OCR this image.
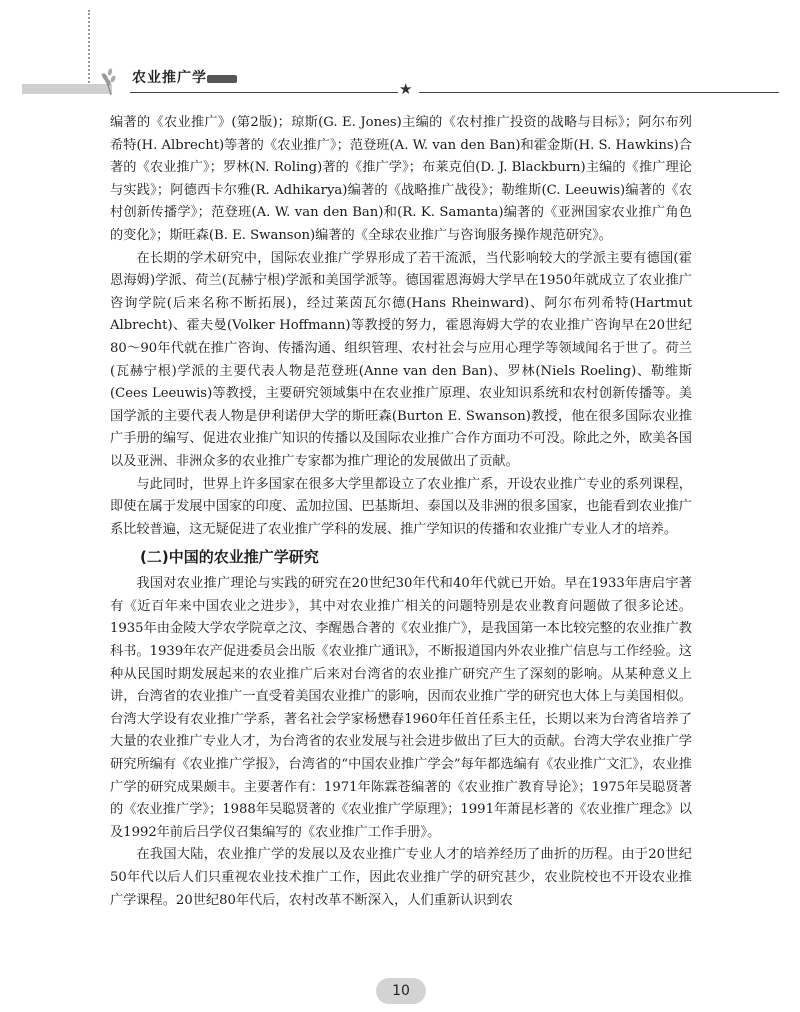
农业推广学
★

编著的《农业推广》(第2版)；琼斯(G. E. Jones)主编的《农村推广投资的战略与目标》；阿尔布列希特(H. Albrecht)等著的《农业推广》；范登班(A. W. van den Ban)和霍金斯(H. S. Hawkins)合著的《农业推广》；罗林(N. Roling)著的《推广学》；布莱克伯(D. J. Blackburn)主编的《推广理论与实践》；阿德西卡尔雅(R. Adhikarya)编著的《战略推广战役》；勒维斯(C. Leeuwis)编著的《农村创新传播学》；范登班(A. W. van den Ban)和(R. K. Samanta)编著的《亚洲国家农业推广角色的变化》；斯旺森(B. E. Swanson)编著的《全球农业推广与咨询服务操作规范研究》。

在长期的学术研究中，国际农业推广学界形成了若干流派，当代影响较大的学派主要有德国(霍恩海姆)学派、荷兰(瓦赫宁根)学派和美国学派等。德国霍恩海姆大学早在1950年就成立了农业推广咨询学院(后来名称不断拓展)，经过莱茵瓦尔德(Hans Rheinward)、阿尔布列希特(Hartmut Albrecht)、霍夫曼(Volker Hoffmann)等教授的努力，霍恩海姆大学的农业推广咨询早在20世纪80～90年代就在推广咨询、传播沟通、组织管理、农村社会与应用心理学等领域闻名于世了。荷兰(瓦赫宁根)学派的主要代表人物是范登班(Anne van den Ban)、罗林(Niels Roeling)、勒维斯(Cees Leeuwis)等教授，主要研究领域集中在农业推广原理、农业知识系统和农村创新传播等。美国学派的主要代表人物是伊利诺伊大学的斯旺森(Burton E. Swanson)教授，他在很多国际农业推广手册的编写、促进农业推广知识的传播以及国际农业推广合作方面功不可没。除此之外，欧美各国以及亚洲、非洲众多的农业推广专家都为推广理论的发展做出了贡献。

与此同时，世界上许多国家在很多大学里都设立了农业推广系，开设农业推广专业的系列课程，即使在属于发展中国家的印度、孟加拉国、巴基斯坦、泰国以及非洲的很多国家，也能看到农业推广系比较普遍，这无疑促进了农业推广学科的发展、推广学知识的传播和农业推广专业人才的培养。

(二)中国的农业推广学研究

我国对农业推广理论与实践的研究在20世纪30年代和40年代就已开始。早在1933年唐启宇著有《近百年来中国农业之进步》，其中对农业推广相关的问题特别是农业教育问题做了很多论述。1935年由金陵大学农学院章之汶、李醒愚合著的《农业推广》，是我国第一本比较完整的农业推广教科书。1939年农产促进委员会出版《农业推广通讯》，不断报道国内外农业推广信息与工作经验。这种从民国时期发展起来的农业推广后来对台湾省的农业推广研究产生了深刻的影响。从某种意义上讲，台湾省的农业推广一直受着美国农业推广的影响，因而农业推广学的研究也大体上与美国相似。台湾大学设有农业推广学系，著名社会学家杨懋春1960年任首任系主任，长期以来为台湾省培养了大量的农业推广专业人才，为台湾省的农业发展与社会进步做出了巨大的贡献。台湾大学农业推广学研究所编有《农业推广学报》，台湾省的“中国农业推广学会”每年都选编有《农业推广文汇》，农业推广学的研究成果颇丰。主要著作有：1971年陈霖苍编著的《农业推广教育导论》；1975年吴聪贤著的《农业推广学》；1988年吴聪贤著的《农业推广学原理》；1991年萧昆杉著的《农业推广理念》以及1992年前后吕学仪召集编写的《农业推广工作手册》。

在我国大陆，农业推广学的发展以及农业推广专业人才的培养经历了曲折的历程。由于20世纪50年代以后人们只重视农业技术推广工作，因此农业推广学的研究甚少，农业院校也不开设农业推广学课程。20世纪80年代后，农村改革不断深入，人们重新认识到农

10
